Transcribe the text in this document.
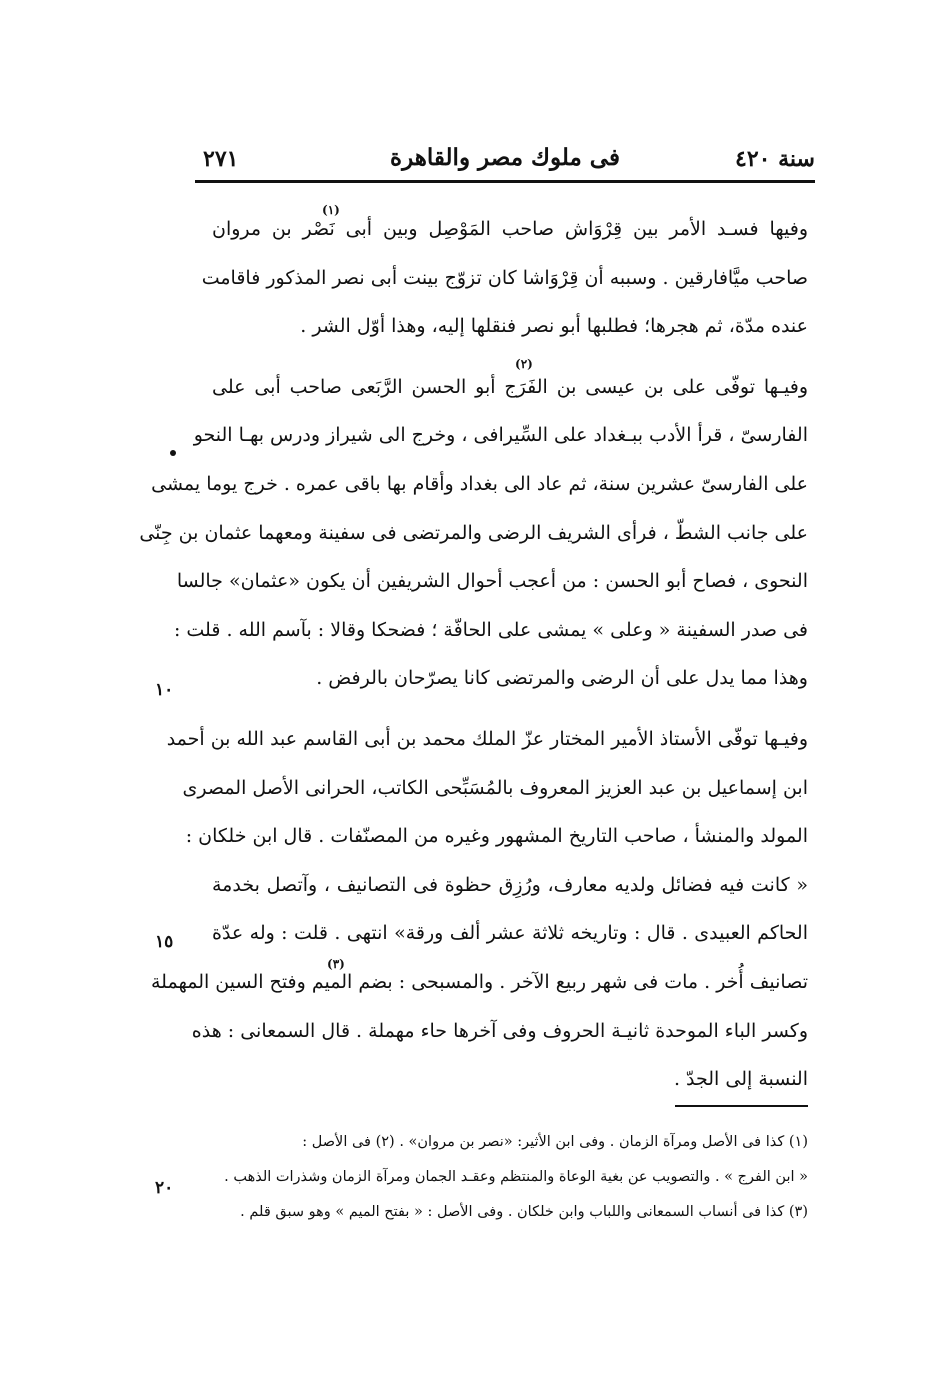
سنة ٤٢٠
فى ملوك مصر والقاهرة
٢٧١
(١)
(٢)
(٣)
وفيها فسـد الأمر بين قِرْوَاش صاحب المَوْصِل وبين أبى نَصْر بن مروان
صاحب ميَّافارقين . وسببه أن قِرْوَاشا كان تزوّج بينت أبى نصر المذكور فاقامت
عنده مدّة، ثم هجرها؛ فطلبها أبو نصر فنقلها إليه، وهذا أوّل الشر .
وفيـها توفّى على بن عيسى بن الفَرَج أبو الحسن الرَّبَعى صاحب أبى على
الفارسىّ ، قرأ الأدب ببـغداد على السِّيرافى ، وخرج الى شيراز ودرس بهـا النحو
على الفارسىّ عشرين سنة، ثم عاد الى بغداد وأقام بها باقى عمره . خرج يوما يمشى
على جانب الشطّ ، فرأى الشريف الرضى والمرتضى فى سفينة ومعهما عثمان بن جِنّى
النحوى ، فصاح أبو الحسن : من أعجب أحوال الشريفين أن يكون «عثمان» جالسا
فى صدر السفينة « وعلى » يمشى على الحافّة ؛ فضحكا وقالا : بآسم الله . قلت :
وهذا مما يدل على أن الرضى والمرتضى كانا يصرّحان بالرفض .
وفيـها توفّى الأستاذ الأمير المختار عزّ الملك محمد بن أبى القاسم عبد الله بن أحمد
ابن إسماعيل بن عبد العزيز المعروف بالمُسَبِّحى الكاتب، الحرانى الأصل المصرى
المولد والمنشأ ، صاحب التاريخ المشهور وغيره من المصنّفات . قال ابن خلكان :
« كانت فيه فضائل ولديه معارف، ورُزِق حظوة فى التصانيف ، وآتصل بخدمة
الحاكم العبيدى . قال : وتاريخه ثلاثة عشر ألف ورقة» انتهى . قلت : وله عدّة
تصانيف أُخر . مات فى شهر ربيع الآخر . والمسبحى : بضم الميم وفتح السين المهملة
وكسر الباء الموحدة ثانيـة الحروف وفى آخرها حاء مهملة . قال السمعانى : هذه
النسبة إلى الجدّ .
١٠
١٥
٢٠
(١) كذا فى الأصل ومرآة الزمان . وفى ابن الأثير: «نصر بن مروان» . (٢) فى الأصل :
« ابن الفرج » . والتصويب عن بغية الوعاة والمنتظم وعقـد الجمان ومرآة الزمان وشذرات الذهب .
(٣) كذا فى أنساب السمعانى واللباب وابن خلكان . وفى الأصل : « بفتح الميم » وهو سبق قلم .
